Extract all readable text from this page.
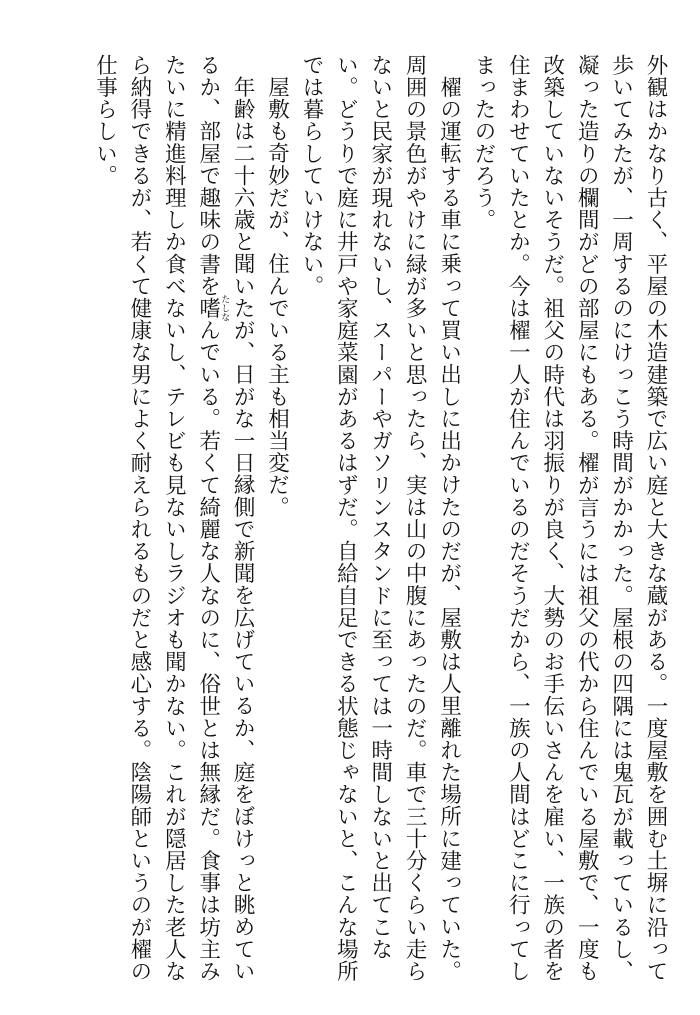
外観はかなり古く、平屋の木造建築で広い庭と大きな蔵がある。一度屋敷を囲む土塀に沿って歩いてみたが、一周するのにけっこう時間がかかった。屋根の四隅には鬼瓦が載っているし、凝った造りの欄間がどの部屋にもある。櫂が言うには祖父の代から住んでいる屋敷で、一度も改築していないそうだ。祖父の時代は羽振りが良く、大勢のお手伝いさんを雇い、一族の者を住まわせていたとか。今は櫂一人が住んでいるのだそうだから、一族の人間はどこに行ってしまったのだろう。

櫂の運転する車に乗って買い出しに出かけたのだが、屋敷は人里離れた場所に建っていた。周囲の景色がやけに緑が多いと思ったら、実は山の中腹にあったのだ。車で三十分くらい走らないと民家が現れないし、スーパーやガソリンスタンドに至っては一時間しないと出てこない。どうりで庭に井戸や家庭菜園があるはずだ。自給自足できる状態じゃないと、こんな場所では暮らしていけない。

屋敷も奇妙だが、住んでいる主も相当変だ。

年齢は二十六歳と聞いたが、日がな一日縁側で新聞を広げているか、庭をぼけっと眺めているか、部屋で趣味の書を嗜たしなんでいる。若くて綺麗な人なのに、俗世とは無縁だ。食事は坊主みたいに精進料理しか食べないし、テレビも見ないしラジオも聞かない。これが隠居した老人なら納得できるが、若くて健康な男によく耐えられるものだと感心する。陰陽師というのが櫂の仕事らしい。
